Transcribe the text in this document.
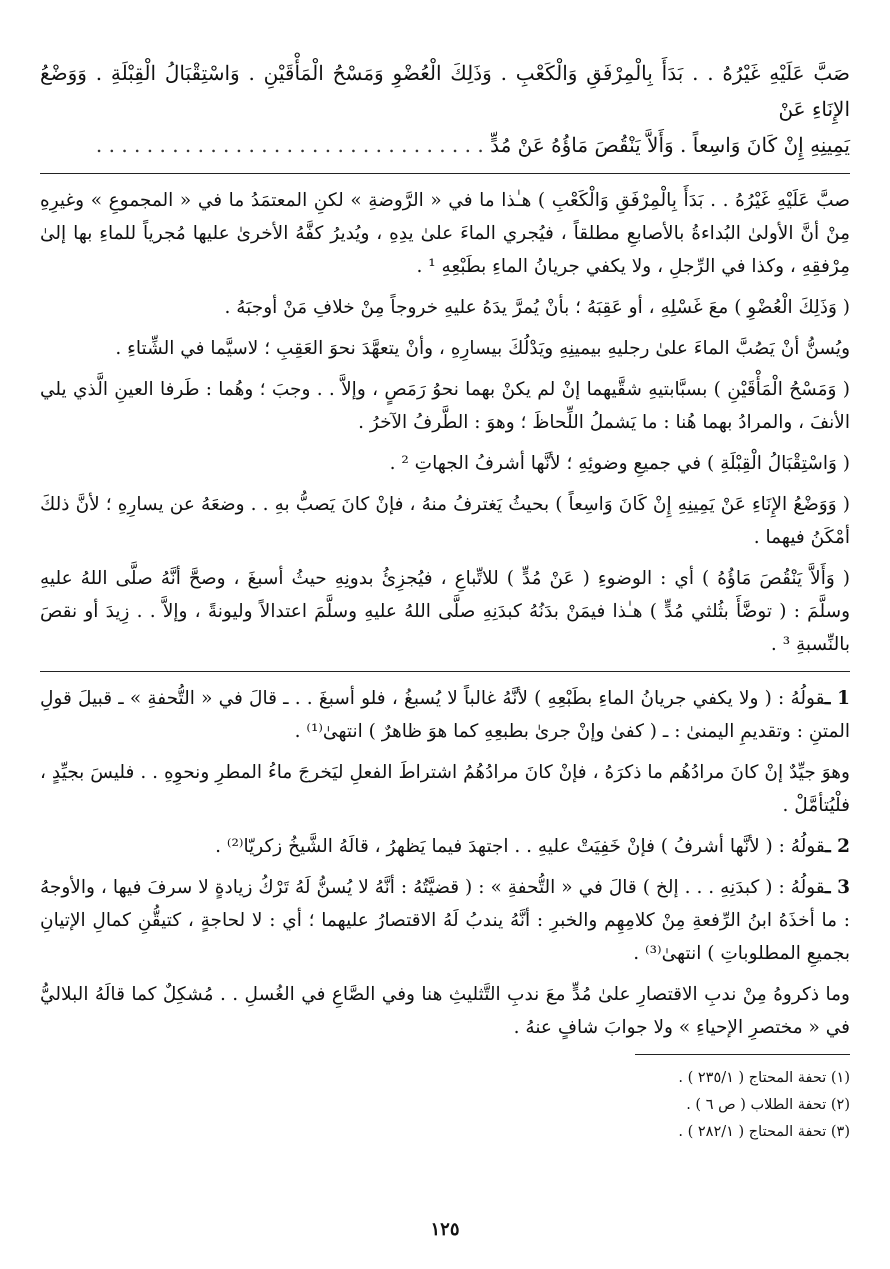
صَبَّ عَلَيْهِ غَيْرُهُ . . بَدَأَ بِالْمِرْفَقِ وَالْكَعْبِ . وَذَلِكَ الْعُضْوِ وَمَسْحُ الْمَأْقَيْنِ . وَاسْتِقْبَالُ الْقِبْلَةِ . وَوَضْعُ الإِنَاءِ عَنْ

يَمِينِهِ إِنْ كَانَ وَاسِعاً . وَأَلاَّ يَنْقُصَ مَاؤُهُ عَنْ مُدٍّ . . . . . . . . . . . . . . . . . . . . . . . . . . . . . . .

صبَّ عَلَيْهِ غَيْرُهُ . . بَدَأَ بِالْمِرْفَقِ وَالْكَعْبِ ) هـٰذا ما في « الرَّوضةِ » لكنِ المعتمَدُ ما في « المجموعِ » وغيرِهِ مِنْ أنَّ الأولىٰ البُداءةُ بالأصابعِ مطلقاً ، فيُجري الماءَ علىٰ يدِهِ ، ويُديرُ كفَّهُ الأخرىٰ عليها مُجرياً للماءِ بها إلىٰ مِرْفقِهِ ، وكذا في الرِّجلِ ، ولا يكفي جريانُ الماءِ بطَبْعِهِ ¹ .

( وَذَلِكَ الْعُضْوِ ) معَ غَسْلِهِ ، أو عَقِبَهُ ؛ بأنْ يُمرَّ يدَهُ عليهِ خروجاً مِنْ خلافِ مَنْ أوجبَهُ .

ويُسنُّ أنْ يَصُبَّ الماءَ علىٰ رجليهِ بيمينِهِ ويَدْلُكَ بيسارِهِ ، وأنْ يتعهَّدَ نحوَ العَقِبِ ؛ لاسيَّما في الشِّتاءِ .

( وَمَسْحُ الْمَأْقَيْنِ ) بسبَّابتيهِ شقَّيهما إنْ لم يكنْ بهما نحوُ رَمَصٍ ، وإلاَّ . . وجبَ ؛ وهُما : طَرفا العينِ الَّذي يلي الأنفَ ، والمرادُ بهما هُنا : ما يَشملُ اللِّحاظَ ؛ وهوَ : الطَّرفُ الآخرُ .

( وَاسْتِقْبَالُ الْقِبْلَةِ ) في جميعِ وضوئِهِ ؛ لأنَّها أشرفُ الجهاتِ ² .

( وَوَضْعُ الإِنَاءِ عَنْ يَمِينِهِ إِنْ كَانَ وَاسِعاً ) بحيثُ يَغترفُ منهُ ، فإنْ كانَ يَصبُّ بهِ . . وضعَهُ عن يسارِهِ ؛ لأنَّ ذلكَ أمْكَنُ فيهما .

( وَأَلاَّ يَنْقُصَ مَاؤُهُ ) أي : الوضوءِ ( عَنْ مُدٍّ ) للاتِّباعِ ، فيُجزِئُ بدونِهِ حيثُ أسبغَ ، وصحَّ أنَّهُ صلَّى اللهُ عليهِ وسلَّمَ : ( توضَّأَ بثُلثي مُدٍّ ) هـٰذا فيمَنْ بدَنُهُ كبدَنِهِ صلَّى اللهُ عليهِ وسلَّمَ اعتدالاً وليونةً ، وإلاَّ . . زِيدَ أو نقصَ بالنِّسبةِ ³ .

1 ـقولُهُ : ( ولا يكفي جريانُ الماءِ بطَبْعِهِ ) لأنَّهُ غالباً لا يُسبغُ ، فلو أسبغَ . . ـ قالَ في « التُّحفةِ » ـ قبيلَ قولِ المتنِ : وتقديمِ اليمنىٰ : ـ ( كفىٰ وإنْ جرىٰ بطبعِهِ كما هوَ ظاهرٌ ) انتهىٰ⁽¹⁾ .

وهوَ جيِّدٌ إنْ كانَ مرادُهُم ما ذكرَهُ ، فإنْ كانَ مرادُهُمُ اشتراطَ الفعلِ ليَخرجَ ماءُ المطرِ ونحوِهِ . . فليسَ بجيِّدٍ ، فلْيُتأمَّلْ .

2 ـقولُهُ : ( لأنَّها أشرفُ ) فإنْ خَفِيَتْ عليهِ . . اجتهدَ فيما يَظهرُ ، قالَهُ الشَّيخُ زكريّا⁽²⁾ .

3 ـقولُهُ : ( كبدَنِهِ . . . إلخ ) قالَ في « التُّحفةِ » : ( قضيَّتُهُ : أنَّهُ لا يُسنُّ لَهُ تَرْكُ زيادةٍ لا سرفَ فيها ، والأوجهُ : ما أخذَهُ ابنُ الرِّفعةِ مِنْ كلامِهِم والخبرِ : أنَّهُ يندبُ لَهُ الاقتصارُ عليهما ؛ أي : لا لحاجةٍ ، كتيقُّنِ كمالِ الإتيانِ بجميعِ المطلوباتِ ) انتهىٰ⁽³⁾ .

وما ذكروهُ مِنْ ندبِ الاقتصارِ علىٰ مُدٍّ معَ ندبِ التَّثليثِ هنا وفي الصَّاعِ في الغُسلِ . . مُشكِلٌ كما قالَهُ البلاليُّ في « مختصرِ الإحياءِ » ولا جوابَ شافٍ عنهُ .

(١) تحفة المحتاج ( ٢٣٥/١ ) .

(٢) تحفة الطلاب ( ص ٦ ) .

(٣) تحفة المحتاج ( ٢٨٢/١ ) .

١٢٥
